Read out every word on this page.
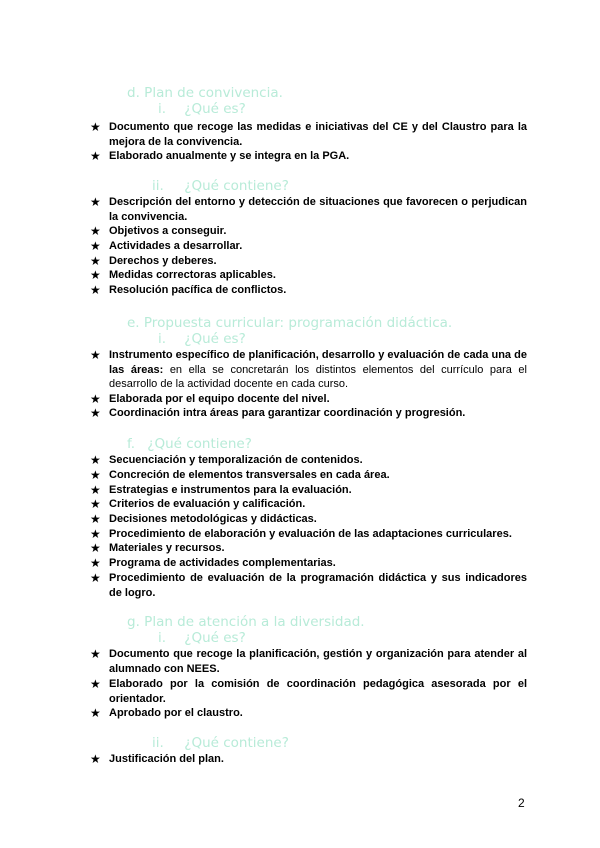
d. Plan de convivencia.
i. ¿Qué es?
★ Documento que recoge las medidas e iniciativas del CE y del Claustro para la mejora de la convivencia.
★ Elaborado anualmente y se integra en la PGA.
ii. ¿Qué contiene?
★ Descripción del entorno y detección de situaciones que favorecen o perjudican la convivencia.
★ Objetivos a conseguir.
★ Actividades a desarrollar.
★ Derechos y deberes.
★ Medidas correctoras aplicables.
★ Resolución pacífica de conflictos.
e. Propuesta curricular: programación didáctica.
i. ¿Qué es?
★ Instrumento específico de planificación, desarrollo y evaluación de cada una de las áreas: en ella se concretarán los distintos elementos del currículo para el desarrollo de la actividad docente en cada curso.
★ Elaborada por el equipo docente del nivel.
★ Coordinación intra áreas para garantizar coordinación y progresión.
f. ¿Qué contiene?
★ Secuenciación y temporalización de contenidos.
★ Concreción de elementos transversales en cada área.
★ Estrategias e instrumentos para la evaluación.
★ Criterios de evaluación y calificación.
★ Decisiones metodológicas y didácticas.
★ Procedimiento de elaboración y evaluación de las adaptaciones curriculares.
★ Materiales y recursos.
★ Programa de actividades complementarias.
★ Procedimiento de evaluación de la programación didáctica y sus indicadores de logro.
g. Plan de atención a la diversidad.
i. ¿Qué es?
★ Documento que recoge la planificación, gestión y organización para atender al alumnado con NEES.
★ Elaborado por la comisión de coordinación pedagógica asesorada por el orientador.
★ Aprobado por el claustro.
ii. ¿Qué contiene?
★ Justificación del plan.
2
